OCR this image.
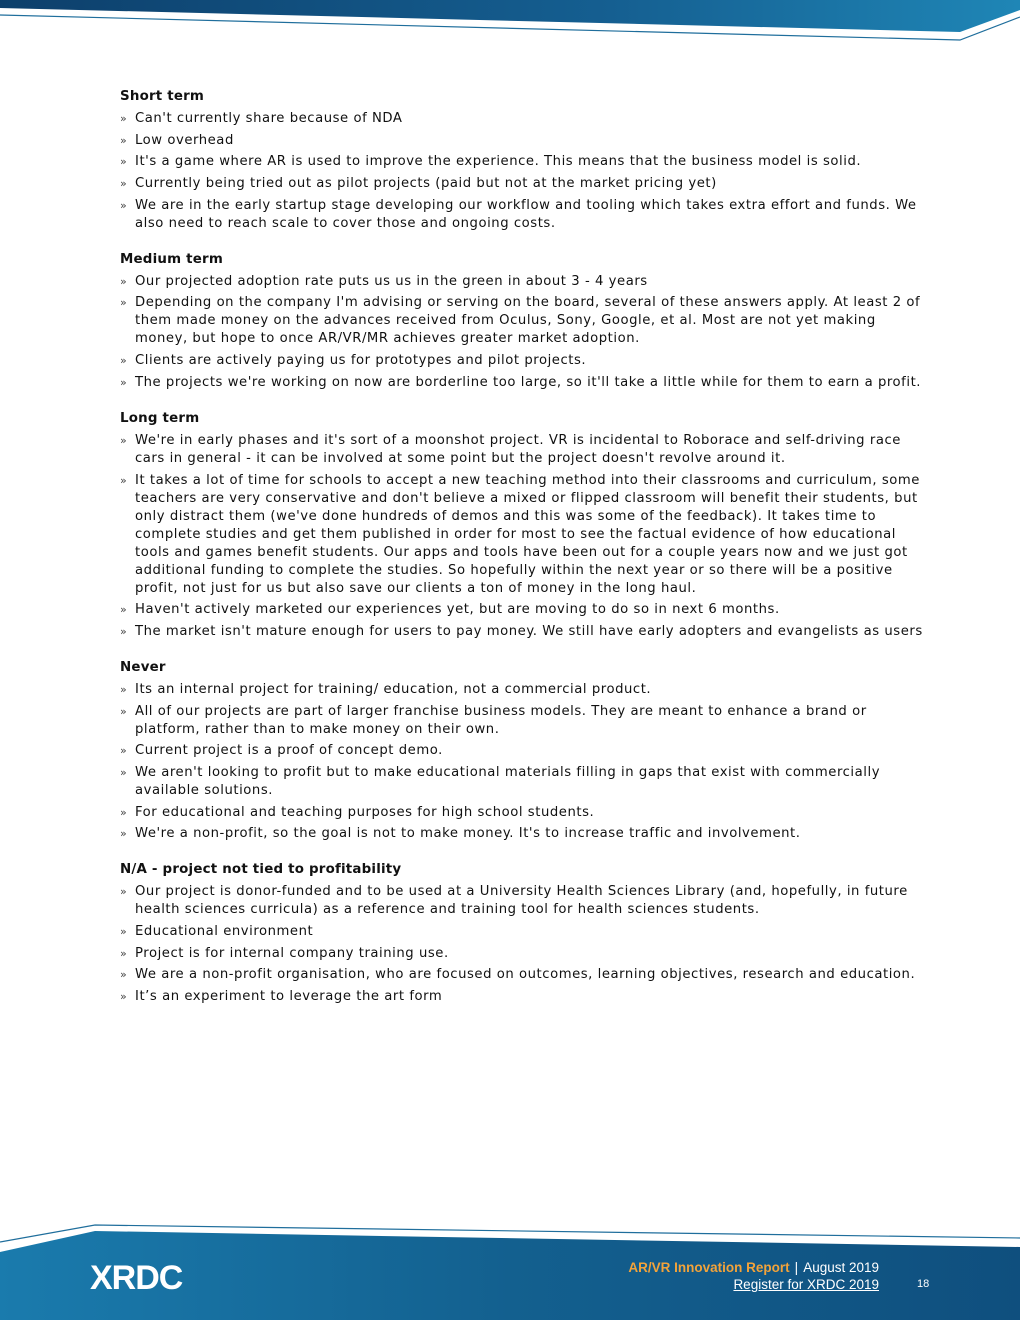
Short term
» Can't currently share because of NDA
» Low overhead
» It's a game where AR is used to improve the experience. This means that the business model is solid.
» Currently being tried out as pilot projects (paid but not at the market pricing yet)
» We are in the early startup stage developing our workflow and tooling which takes extra effort and funds. We also need to reach scale to cover those and ongoing costs.
Medium term
» Our projected adoption rate puts us us in the green in about 3 - 4 years
» Depending on the company I'm advising or serving on the board, several of these answers apply. At least 2 of them made money on the advances received from Oculus, Sony, Google, et al. Most are not yet making money, but hope to once AR/VR/MR achieves greater market adoption.
» Clients are actively paying us for prototypes and pilot projects.
» The projects we're working on now are borderline too large, so it'll take a little while for them to earn a profit.
Long term
» We're in early phases and it's sort of a moonshot project. VR is incidental to Roborace and self-driving race cars in general - it can be involved at some point but the project doesn't revolve around it.
» It takes a lot of time for schools to accept a new teaching method into their classrooms and curriculum, some teachers are very conservative and don't believe a mixed or flipped classroom will benefit their students, but only distract them (we've done hundreds of demos and this was some of the feedback). It takes time to complete studies and get them published in order for most to see the factual evidence of how educational tools and games benefit students. Our apps and tools have been out for a couple years now and we just got additional funding to complete the studies. So hopefully within the next year or so there will be a positive profit, not just for us but also save our clients a ton of money in the long haul.
» Haven't actively marketed our experiences yet, but are moving to do so in next 6 months.
» The market isn't mature enough for users to pay money. We still have early adopters and evangelists as users
Never
» Its an internal project for training/ education, not a commercial product.
» All of our projects are part of larger franchise business models. They are meant to enhance a brand or platform, rather than to make money on their own.
» Current project is a proof of concept demo.
» We aren't looking to profit but to make educational materials filling in gaps that exist with commercially available solutions.
» For educational and teaching purposes for high school students.
» We're a non-profit, so the goal is not to make money. It's to increase traffic and involvement.
N/A - project not tied to profitability
» Our project is donor-funded and to be used at a University Health Sciences Library (and, hopefully, in future health sciences curricula) as a reference and training tool for health sciences students.
» Educational environment
» Project is for internal company training use.
» We are a non-profit organisation, who are focused on outcomes, learning objectives, research and education.
» It’s an experiment to leverage the art form
XRDC	AR/VR Innovation Report | August 2019
Register for XRDC 2019	18
